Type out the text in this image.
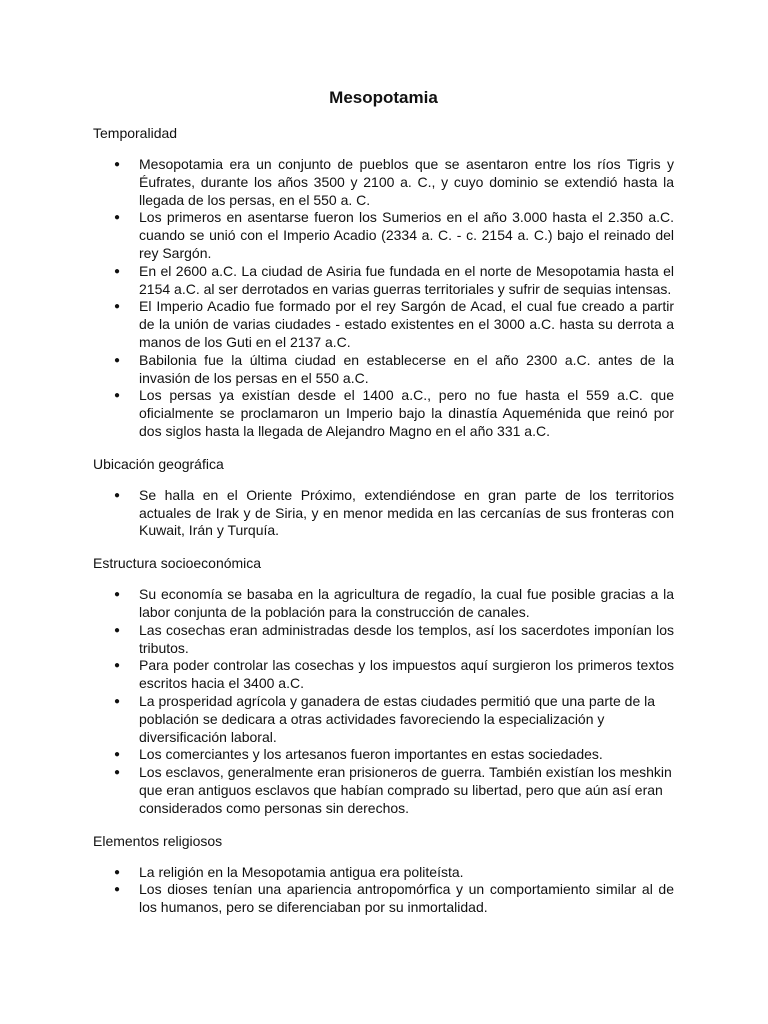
Mesopotamia
Temporalidad
● Mesopotamia era un conjunto de pueblos que se asentaron entre los ríos Tigris y Éufrates, durante los años 3500 y 2100 a. C., y cuyo dominio se extendió hasta la llegada de los persas, en el 550 a. C.
● Los primeros en asentarse fueron los Sumerios en el año 3.000 hasta el 2.350 a.C. cuando se unió con el Imperio Acadio (2334 a. C. - c. 2154 a. C.) bajo el reinado del rey Sargón.
● En el 2600 a.C. La ciudad de Asiria fue fundada en el norte de Mesopotamia hasta el 2154 a.C. al ser derrotados en varias guerras territoriales y sufrir de sequias intensas.
● El Imperio Acadio fue formado por el rey Sargón de Acad, el cual fue creado a partir de la unión de varias ciudades - estado existentes en el 3000 a.C. hasta su derrota a manos de los Guti en el 2137 a.C.
● Babilonia fue la última ciudad en establecerse en el año 2300 a.C. antes de la invasión de los persas en el 550 a.C.
● Los persas ya existían desde el 1400 a.C., pero no fue hasta el 559 a.C. que oficialmente se proclamaron un Imperio bajo la dinastía Aqueménida que reinó por dos siglos hasta la llegada de Alejandro Magno en el año 331 a.C.
Ubicación geográfica
● Se halla en el Oriente Próximo, extendiéndose en gran parte de los territorios actuales de Irak y de Siria, y en menor medida en las cercanías de sus fronteras con Kuwait, Irán y Turquía.
Estructura socioeconómica
● Su economía se basaba en la agricultura de regadío, la cual fue posible gracias a la labor conjunta de la población para la construcción de canales.
● Las cosechas eran administradas desde los templos, así los sacerdotes imponían los tributos.
● Para poder controlar las cosechas y los impuestos aquí surgieron los primeros textos escritos hacia el 3400 a.C.
● La prosperidad agrícola y ganadera de estas ciudades permitió que una parte de la población se dedicara a otras actividades favoreciendo la especialización y diversificación laboral.
● Los comerciantes y los artesanos fueron importantes en estas sociedades.
● Los esclavos, generalmente eran prisioneros de guerra. También existían los meshkin que eran antiguos esclavos que habían comprado su libertad, pero que aún así eran considerados como personas sin derechos.
Elementos religiosos
● La religión en la Mesopotamia antigua era politeísta.
● Los dioses tenían una apariencia antropomórfica y un comportamiento similar al de los humanos, pero se diferenciaban por su inmortalidad.
